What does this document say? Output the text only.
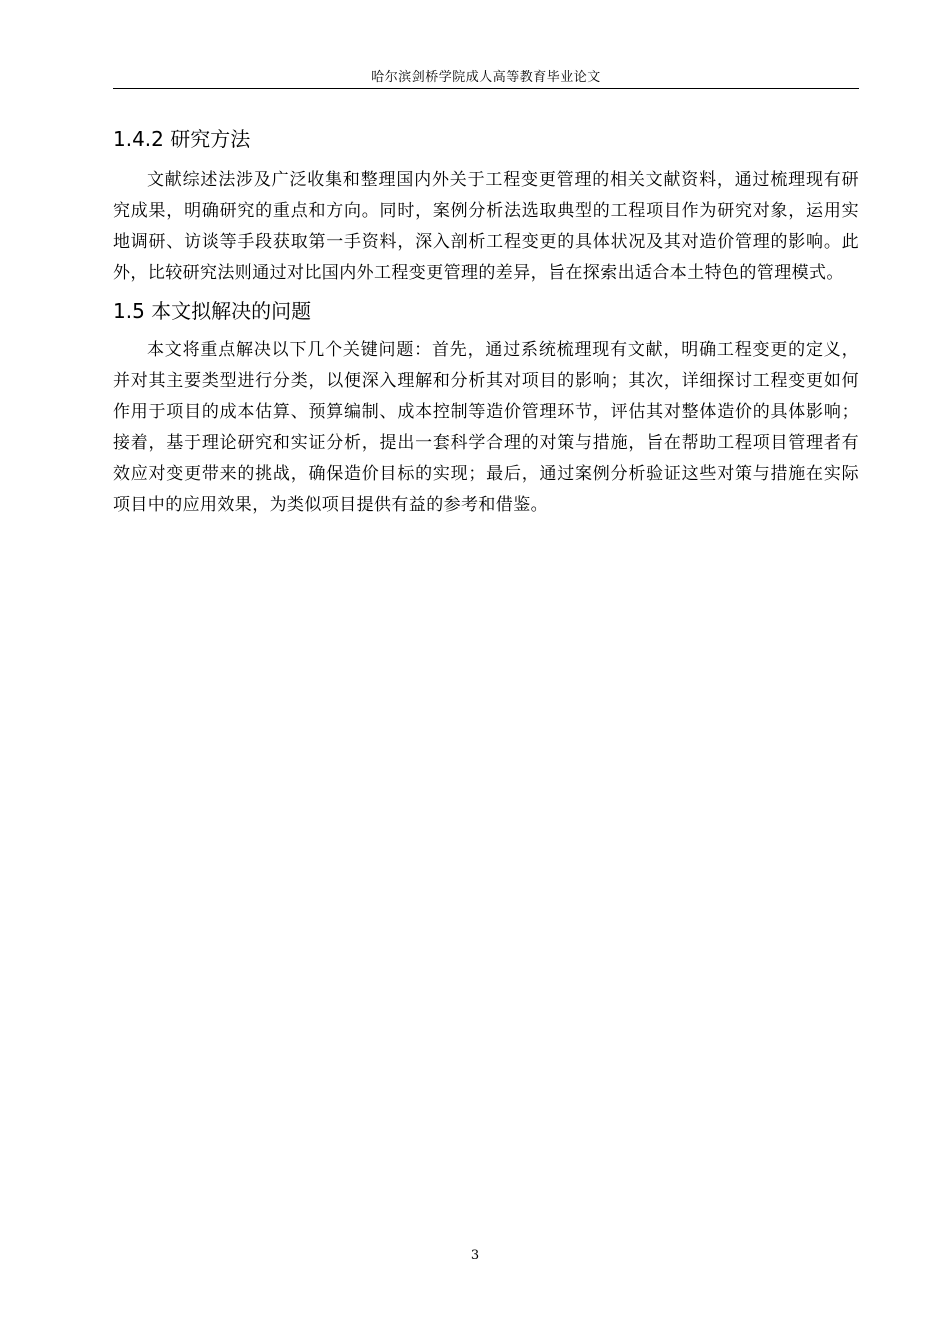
哈尔滨剑桥学院成人高等教育毕业论文
1.4.2 研究方法

文献综述法涉及广泛收集和整理国内外关于工程变更管理的相关文献资料，通过梳理现有研究成果，明确研究的重点和方向。同时，案例分析法选取典型的工程项目作为研究对象，运用实地调研、访谈等手段获取第一手资料，深入剖析工程变更的具体状况及其对造价管理的影响。此外，比较研究法则通过对比国内外工程变更管理的差异，旨在探索出适合本土特色的管理模式。

1.5 本文拟解决的问题

本文将重点解决以下几个关键问题：首先，通过系统梳理现有文献，明确工程变更的定义，并对其主要类型进行分类，以便深入理解和分析其对项目的影响；其次，详细探讨工程变更如何作用于项目的成本估算、预算编制、成本控制等造价管理环节，评估其对整体造价的具体影响；接着，基于理论研究和实证分析，提出一套科学合理的对策与措施，旨在帮助工程项目管理者有效应对变更带来的挑战，确保造价目标的实现；最后，通过案例分析验证这些对策与措施在实际项目中的应用效果，为类似项目提供有益的参考和借鉴。

3
